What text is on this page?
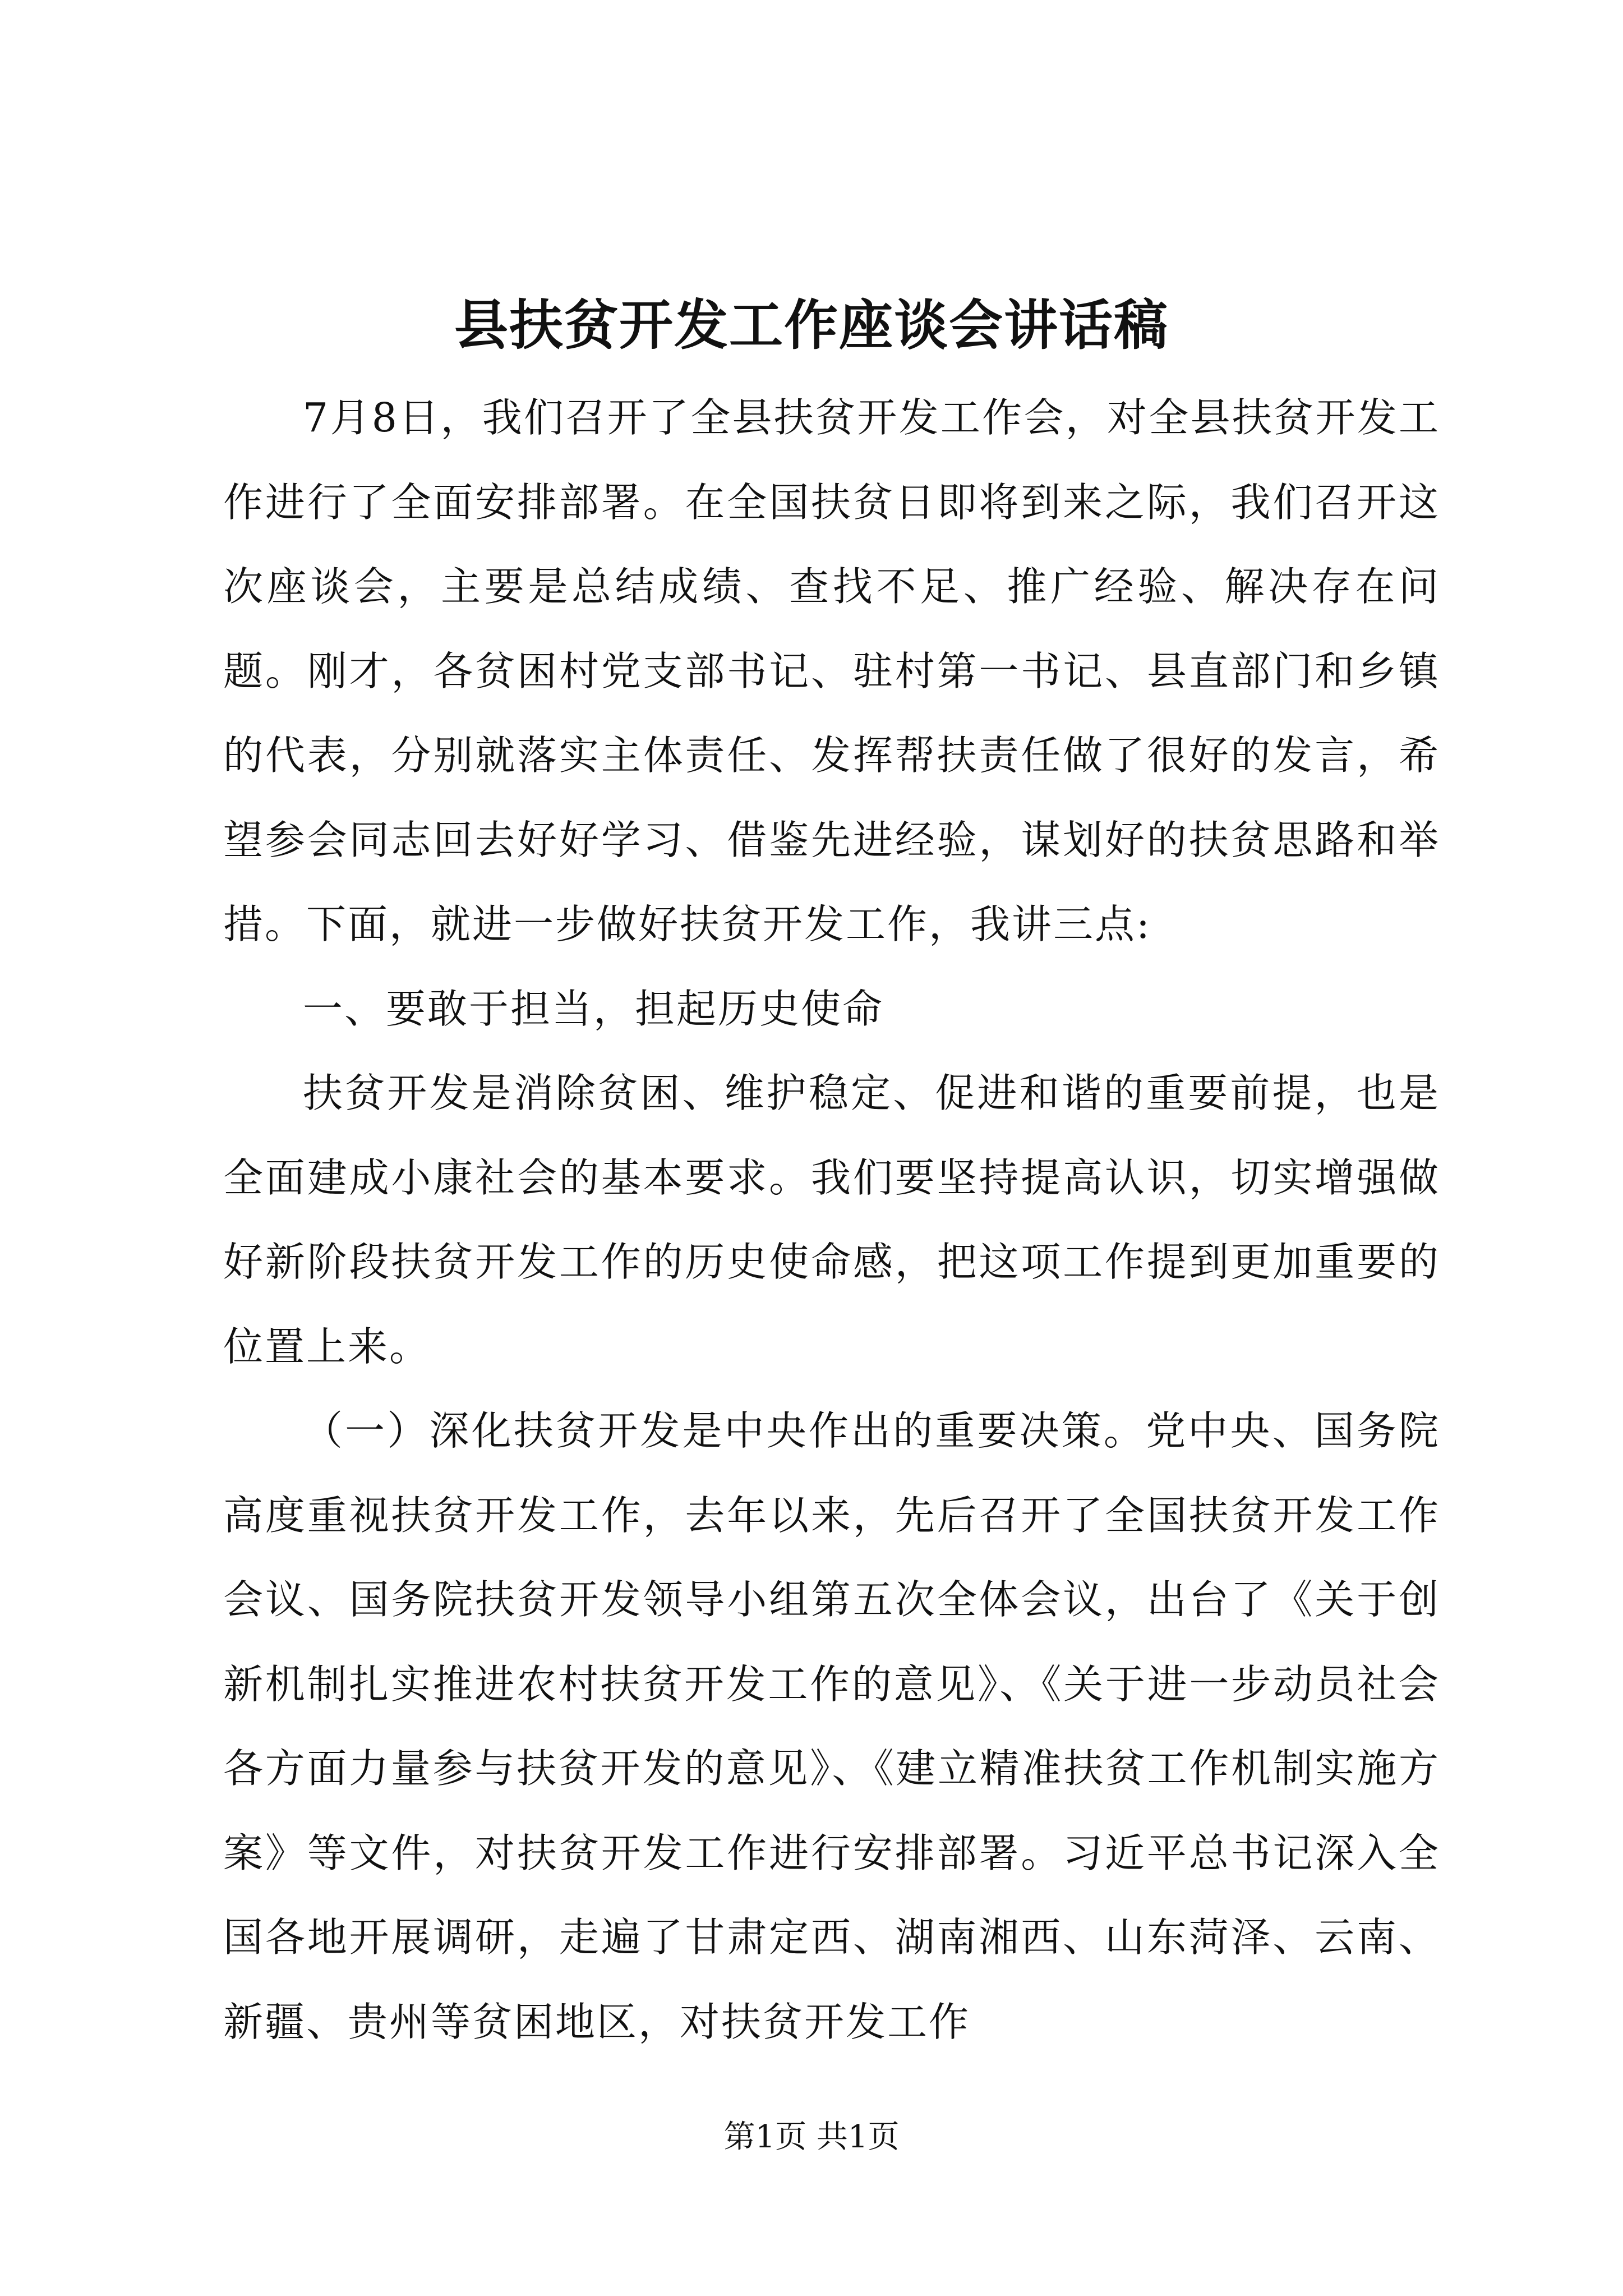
县扶贫开发工作座谈会讲话稿

7月8日，我们召开了全县扶贫开发工作会，对全县扶贫开发工作进行了全面安排部署。在全国扶贫日即将到来之际，我们召开这次座谈会，主要是总结成绩、查找不足、推广经验、解决存在问题。刚才，各贫困村党支部书记、驻村第一书记、县直部门和乡镇的代表，分别就落实主体责任、发挥帮扶责任做了很好的发言，希望参会同志回去好好学习、借鉴先进经验，谋划好的扶贫思路和举措。下面，就进一步做好扶贫开发工作，我讲三点:

一、要敢于担当，担起历史使命

扶贫开发是消除贫困、维护稳定、促进和谐的重要前提，也是全面建成小康社会的基本要求。我们要坚持提高认识，切实增强做好新阶段扶贫开发工作的历史使命感，把这项工作提到更加重要的位置上来。

（一）深化扶贫开发是中央作出的重要决策。党中央、国务院高度重视扶贫开发工作，去年以来，先后召开了全国扶贫开发工作会议、国务院扶贫开发领导小组第五次全体会议，出台了《关于创新机制扎实推进农村扶贫开发工作的意见》、《关于进一步动员社会各方面力量参与扶贫开发的意见》、《建立精准扶贫工作机制实施方案》等文件，对扶贫开发工作进行安排部署。习近平总书记深入全国各地开展调研，走遍了甘肃定西、湖南湘西、山东菏泽、云南、新疆、贵州等贫困地区，对扶贫开发工作

第1页 共1页
